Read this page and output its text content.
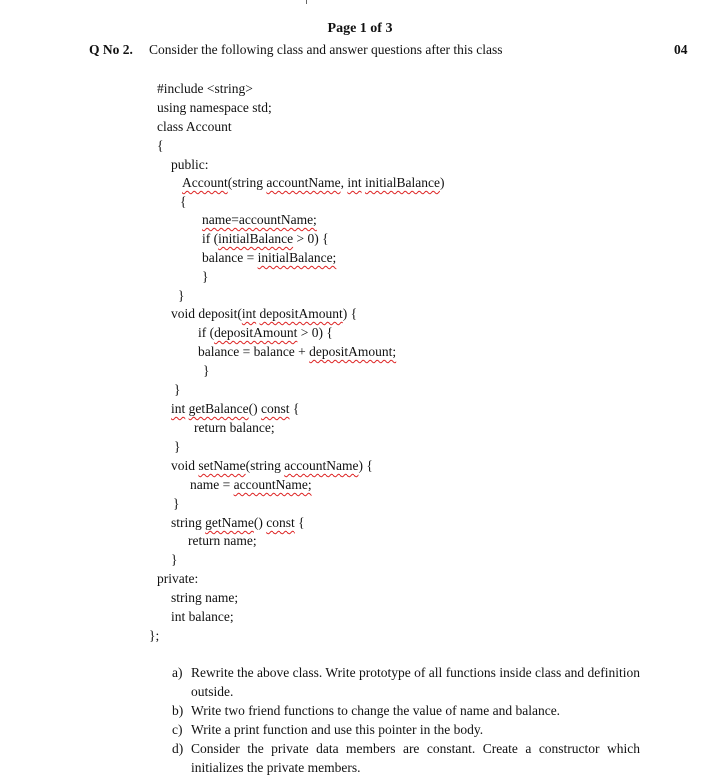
Page 1 of 3
Q No 2. Consider the following class and answer questions after this class	04
#include <string>
using namespace std;
class Account
{
public:
Account(string accountName, int initialBalance)
{
name=accountName;
if (initialBalance > 0) {
balance = initialBalance;
}
}
void deposit(int depositAmount) {
if (depositAmount > 0) {
balance = balance + depositAmount;
}
}
int getBalance() const {
return balance;
}
void setName(string accountName) {
name = accountName;
}
string getName() const {
return name;
}
private:
string name;
int balance;
};
a) Rewrite the above class. Write prototype of all functions inside class and definition outside.
b) Write two friend functions to change the value of name and balance.
c) Write a print function and use this pointer in the body.
d) Consider the private data members are constant. Create a constructor which initializes the private members.
